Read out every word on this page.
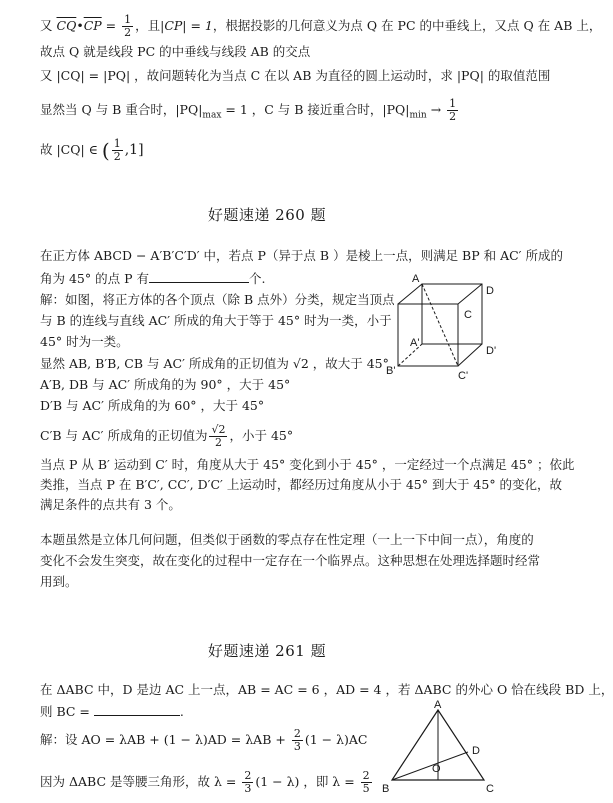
又 $\overline{CQ}•\overline{CP} = \frac{1}{2}$ ，且|CP| = 1，根据投影的几何意义为点 Q 在 PC 的中垂线上，又点 Q 在 AB 上，
故点 Q 就是线段 PC 的中垂线与线段 AB 的交点
又 |CQ| = |PQ| ，故问题转化为当点 C 在以 AB 为直径的圆上运动时，求 |PQ| 的取值范围
显然当 Q 与 B 重合时，$|PQ|_{max} = 1$ ，C 与 B 接近重合时，$|PQ|_{min} \to \frac{1}{2}$
故 |CQ| ∈ ( $\frac{1}{2} ,1$]
好题速递 260 题
在正方体 ABCD − A′B′C′D′ 中，若点 P（异于点 B ）是棱上一点，则满足 BP 和 AC′ 所成的
角为 45° 的点 P 有	个.
解：如图，将正方体的各个顶点（除 B 点外）分类，规定当顶点
与 B 的连线与直线 AC′ 所成的角大于等于 45° 时为一类，小于
45° 时为一类。
显然 AB, B′B, CB 与 AC′ 所成角的正切值为 √2 ，故大于 45°
A′B, DB 与 AC′ 所成角的为 90° ，大于 45°
D′B 与 AC′ 所成角的为 60° ，大于 45°
C′B 与 AC′ 所成角的正切值为 $\frac{√2}{2}$ ，小于 45°
当点 P 从 B′ 运动到 C′ 时，角度从大于 45° 变化到小于 45° ，一定经过一个点满足 45° ；依此
类推，当点 P 在 B′C′, CC′, D′C′ 上运动时，都经历过角度从小于 45° 到大于 45° 的变化，故
满足条件的点共有 3 个。
本题虽然是立体几何问题，但类似于函数的零点存在性定理（一上一下中间一点），角度的
变化不会发生突变，故在变化的过程中一定存在一个临界点。这种思想在处理选择题时经常
用到。
A
D
C
A'
D'
B'	C'
好题速递 261 题
在 ΔABC 中，D 是边 AC 上一点，AB = AC = 6 ，AD = 4 ，若 ΔABC 的外心 O 恰在线段 BD 上，
则 BC =	.
解：设 AO = $\lambda AB + (1 - \lambda)AD = \lambda AB + \frac{2}{3} (1 - \lambda)AC$
因为 ΔABC 是等腰三角形，故 $\lambda = \frac{2}{3} (1 - \lambda)$ ，即 $\lambda = \frac{2}{5}$
A
D
O
B	C
